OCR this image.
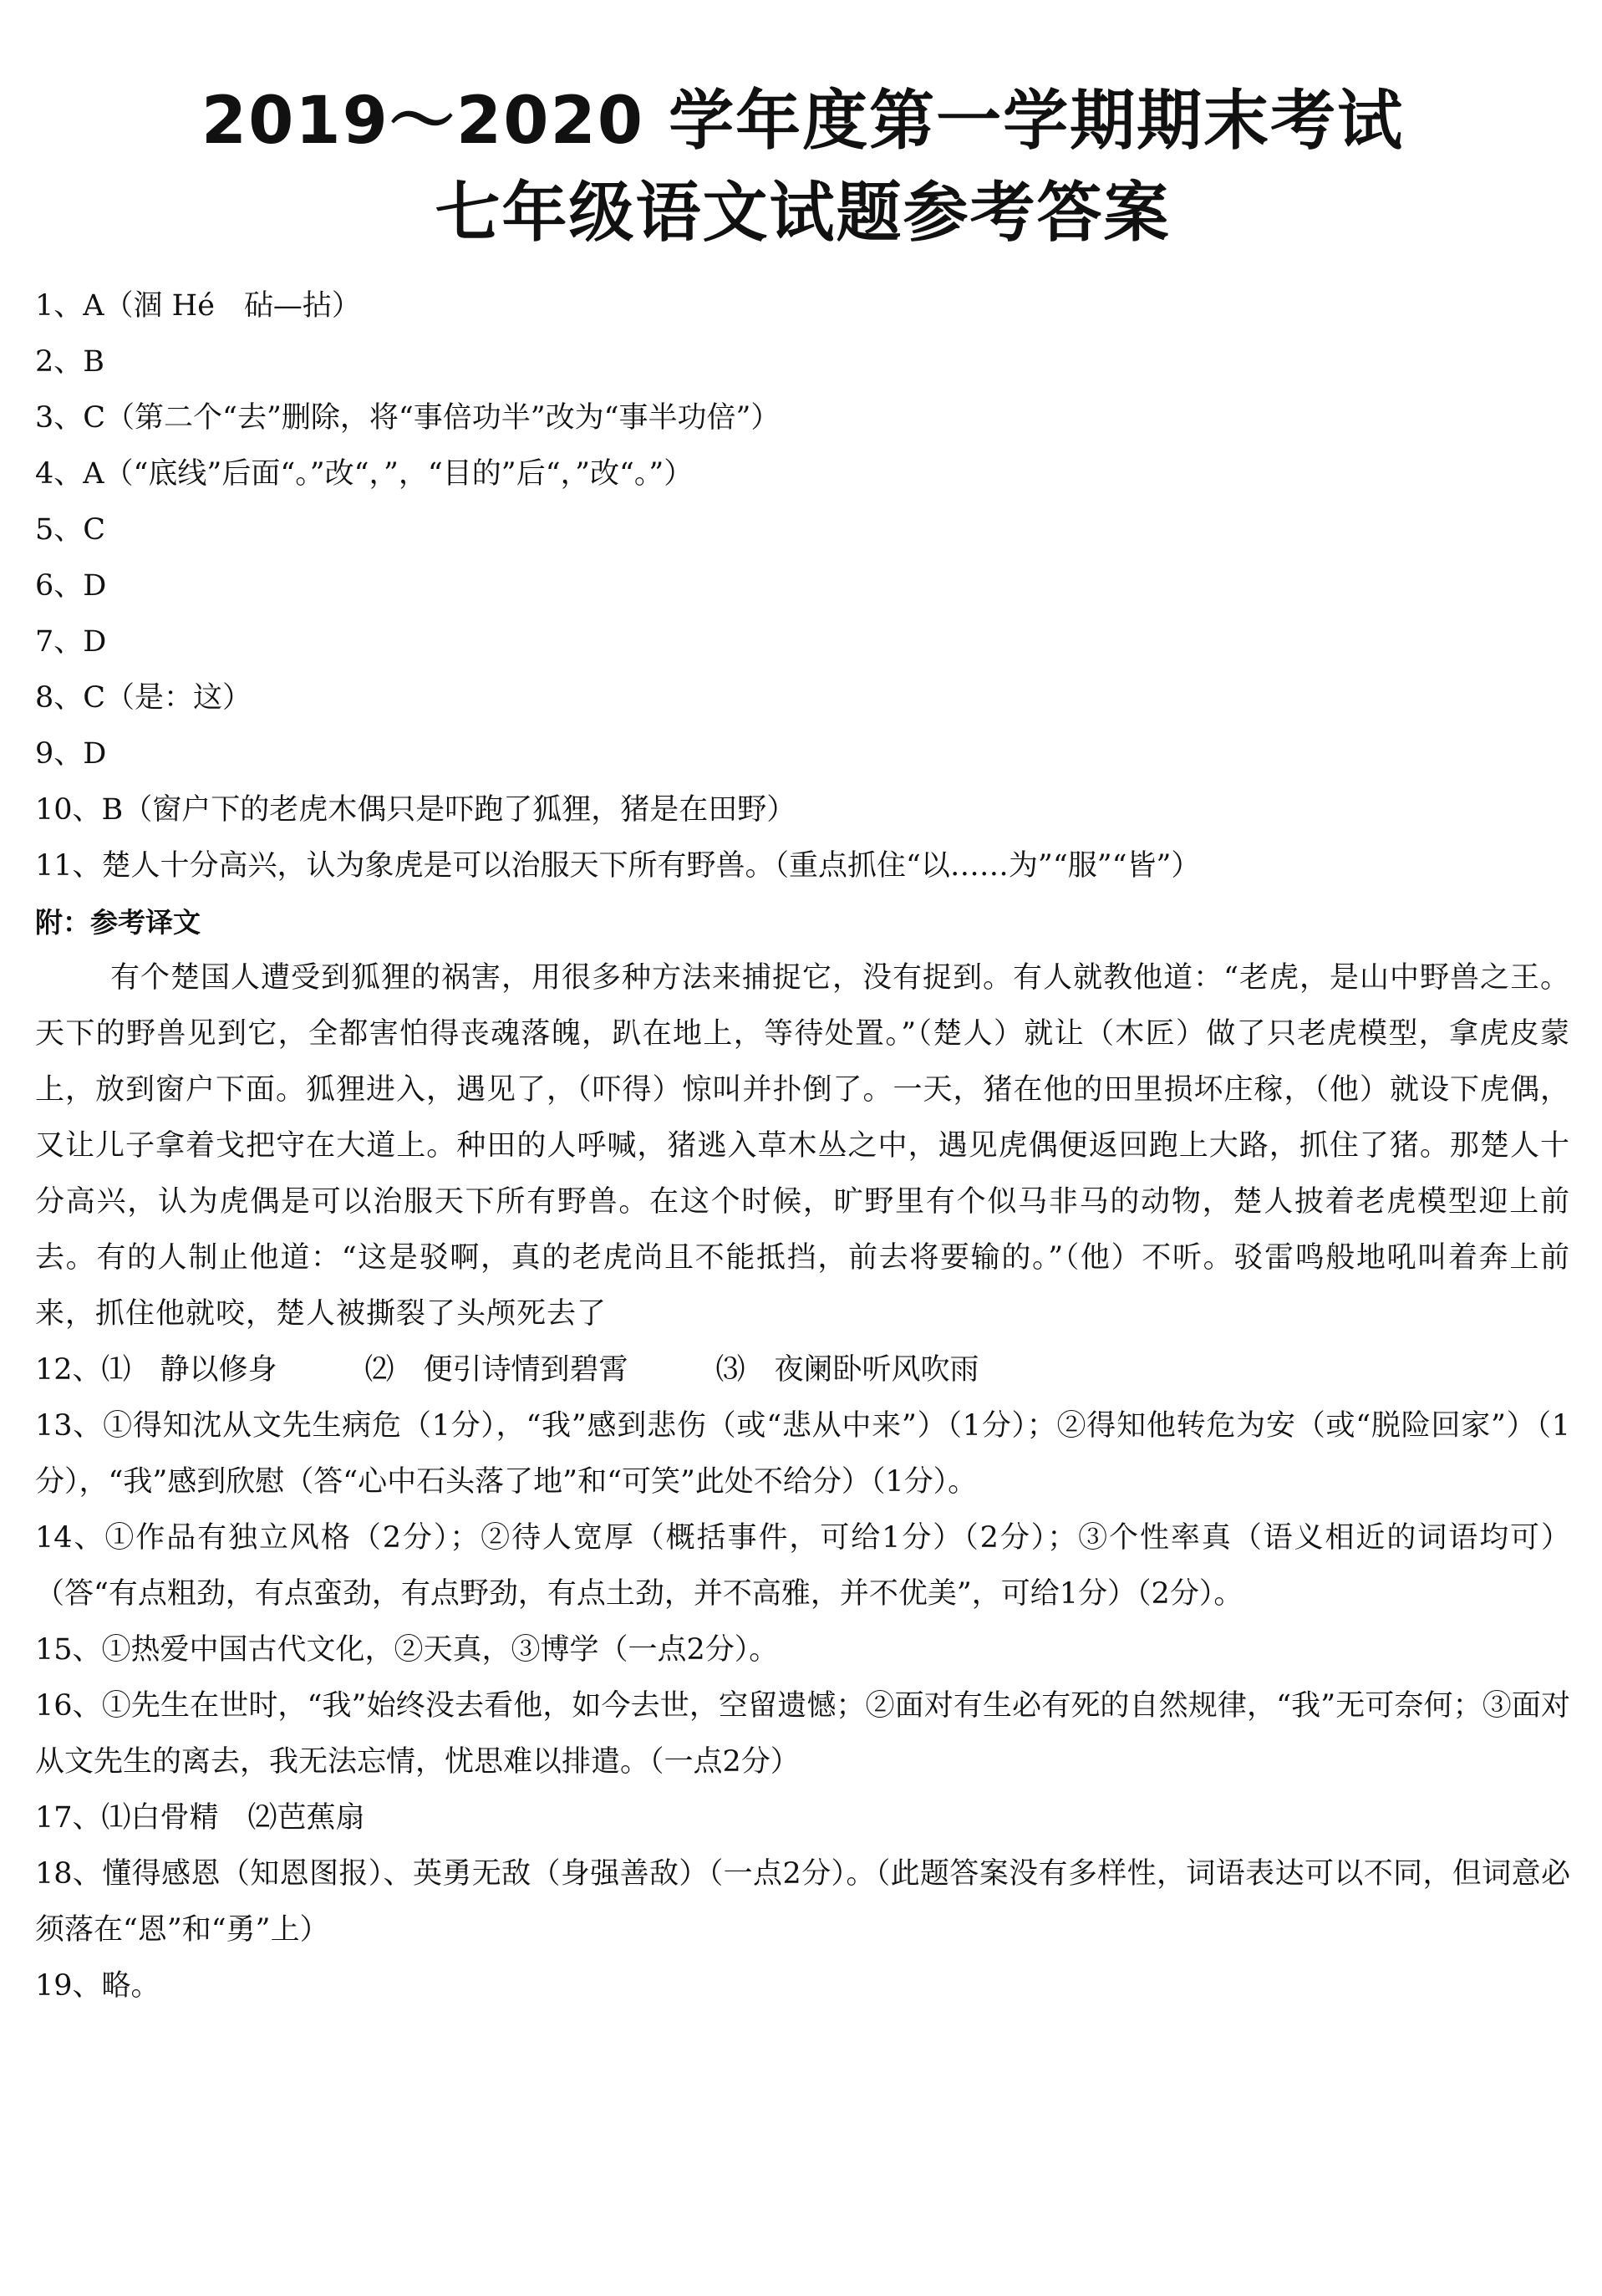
2019～2020 学年度第一学期期末考试
七年级语文试题参考答案

1、A（涸 Hé　砧—拈）

2、B

3、C（第二个“去”删除，将“事倍功半”改为“事半功倍”）

4、A（“底线”后面“。”改“，”，“目的”后“，”改“。”）

5、C

6、D

7、D

8、C（是：这）

9、D

10、B（窗户下的老虎木偶只是吓跑了狐狸，猪是在田野）

11、楚人十分高兴，认为象虎是可以治服天下所有野兽。（重点抓住“以……为”“服”“皆”）

附：参考译文

有个楚国人遭受到狐狸的祸害，用很多种方法来捕捉它，没有捉到。有人就教他道：“老虎，是山中野兽之王。天下的野兽见到它，全都害怕得丧魂落魄，趴在地上，等待处置。”（楚人）就让（木匠）做了只老虎模型，拿虎皮蒙上，放到窗户下面。狐狸进入，遇见了，（吓得）惊叫并扑倒了。一天，猪在他的田里损坏庄稼，（他）就设下虎偶，又让儿子拿着戈把守在大道上。种田的人呼喊，猪逃入草木丛之中，遇见虎偶便返回跑上大路，抓住了猪。那楚人十分高兴，认为虎偶是可以治服天下所有野兽。在这个时候，旷野里有个似马非马的动物，楚人披着老虎模型迎上前去。有的人制止他道：“这是驳啊，真的老虎尚且不能抵挡，前去将要输的。”（他）不听。驳雷鸣般地吼叫着奔上前来，抓住他就咬，楚人被撕裂了头颅死去了

12、⑴　静以修身　　　⑵　便引诗情到碧霄　　　⑶　夜阑卧听风吹雨

13、①得知沈从文先生病危（1分），“我”感到悲伤（或“悲从中来”）（1分）；②得知他转危为安（或“脱险回家”）（1分），“我”感到欣慰（答“心中石头落了地”和“可笑”此处不给分）（1分）。

14、①作品有独立风格（2分）；②待人宽厚（概括事件，可给1分）（2分）；③个性率真（语义相近的词语均可）（答“有点粗劲，有点蛮劲，有点野劲，有点土劲，并不高雅，并不优美”，可给1分）（2分）。

15、①热爱中国古代文化，②天真，③博学（一点2分）。

16、①先生在世时，“我”始终没去看他，如今去世，空留遗憾；②面对有生必有死的自然规律，“我”无可奈何；③面对从文先生的离去，我无法忘情，忧思难以排遣。（一点2分）

17、⑴白骨精　⑵芭蕉扇

18、懂得感恩（知恩图报）、英勇无敌（身强善敌）（一点2分）。（此题答案没有多样性，词语表达可以不同，但词意必须落在“恩”和“勇”上）

19、略。
